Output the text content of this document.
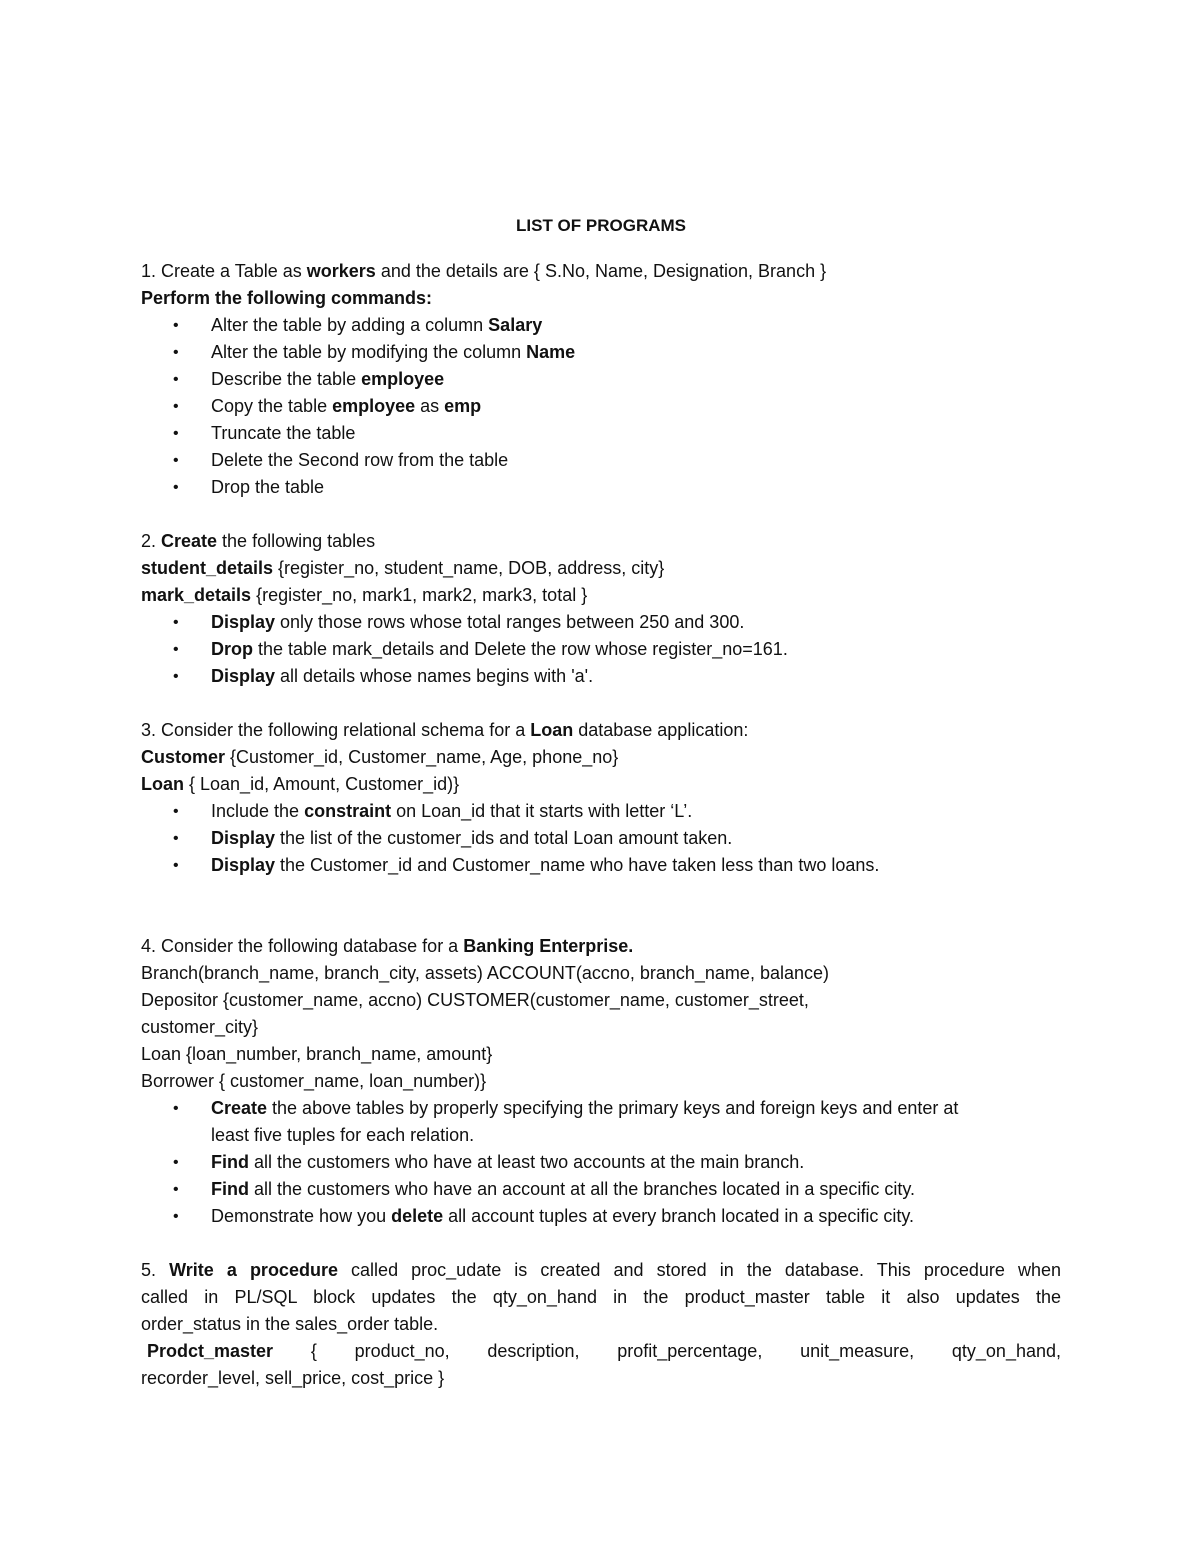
LIST OF PROGRAMS

1. Create a Table as workers and the details are { S.No, Name, Designation, Branch }

Perform the following commands:

• Alter the table by adding a column Salary
• Alter the table by modifying the column Name
• Describe the table employee
• Copy the table employee as emp
• Truncate the table
• Delete the Second row from the table
• Drop the table

2. Create the following tables

student_details {register_no, student_name, DOB, address, city}

mark_details {register_no, mark1, mark2, mark3, total }

• Display only those rows whose total ranges between 250 and 300.
• Drop the table mark_details and Delete the row whose register_no=161.
• Display all details whose names begins with 'a'.

3. Consider the following relational schema for a Loan database application:

Customer {Customer_id, Customer_name, Age, phone_no}

Loan { Loan_id, Amount, Customer_id)}

• Include the constraint on Loan_id that it starts with letter ‘L’.
• Display the list of the customer_ids and total Loan amount taken.
• Display the Customer_id and Customer_name who have taken less than two loans.

4. Consider the following database for a Banking Enterprise.

Branch(branch_name, branch_city, assets) ACCOUNT(accno, branch_name, balance)

Depositor {customer_name, accno) CUSTOMER(customer_name, customer_street,

customer_city}

Loan {loan_number, branch_name, amount}

Borrower { customer_name, loan_number)}

• Create the above tables by properly specifying the primary keys and foreign keys and enter at
least five tuples for each relation.
• Find all the customers who have at least two accounts at the main branch.
• Find all the customers who have an account at all the branches located in a specific city.
• Demonstrate how you delete all account tuples at every branch located in a specific city.

5. Write a procedure called proc_udate is created and stored in the database. This procedure when

called in PL/SQL block updates the qty_on_hand in the product_master table it also updates the

order_status in the sales_order table.

Prodct_master { product_no, description, profit_percentage, unit_measure, qty_on_hand,

recorder_level, sell_price, cost_price }
